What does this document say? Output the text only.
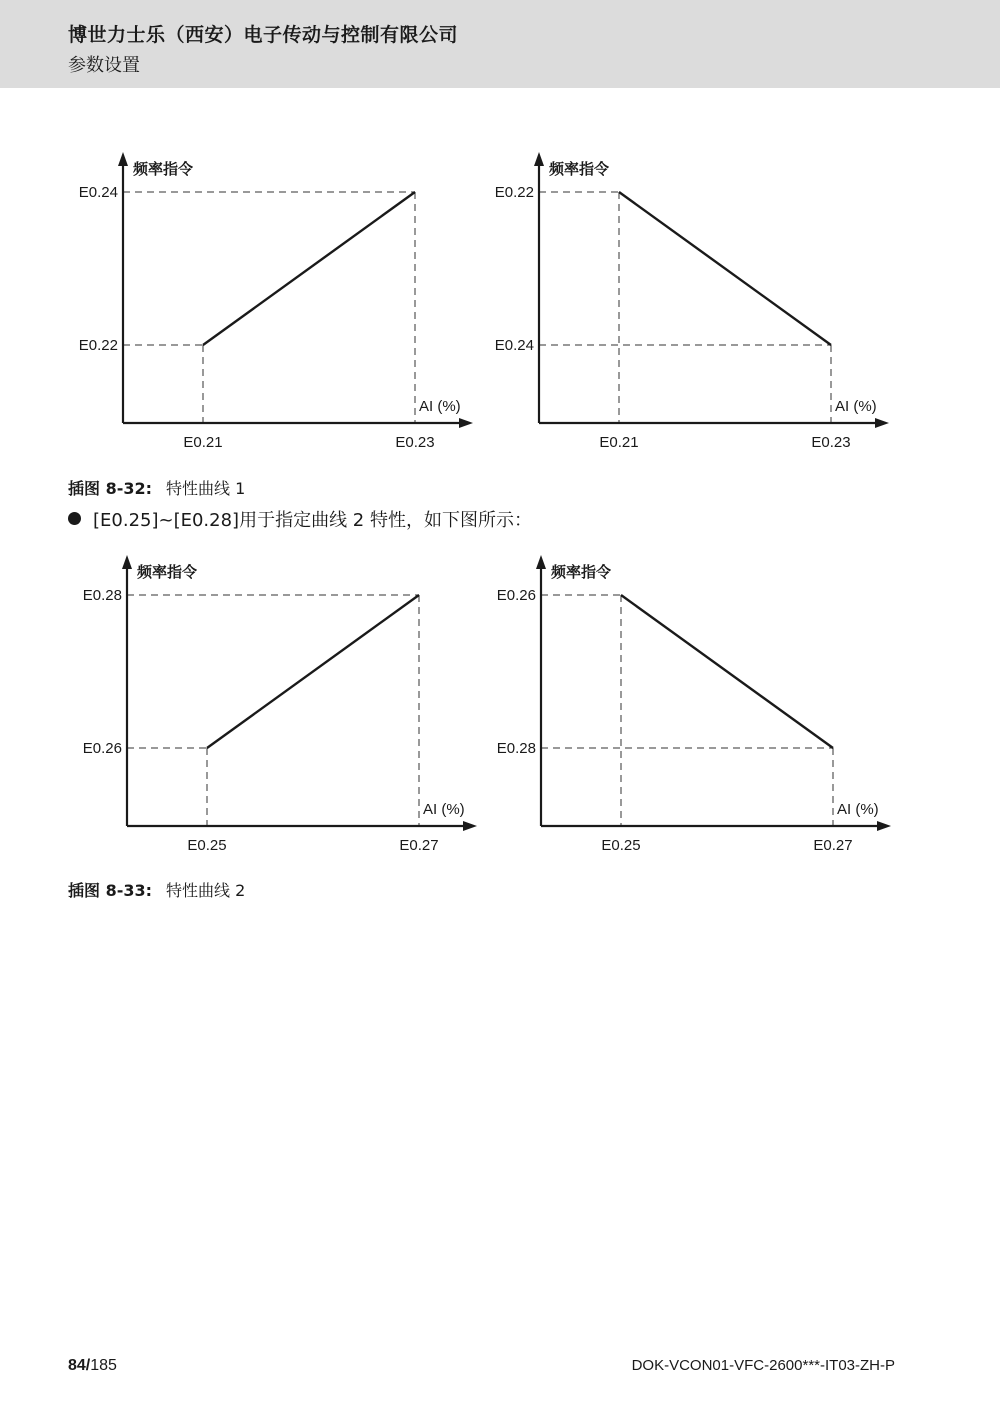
博世力士乐（西安）电子传动与控制有限公司
参数设置
频率指令
E0.24
E0.22
E0.21	E0.23
AI (%)
频率指令
E0.22
E0.24
E0.21	E0.23
AI (%)
插图 8-32: 特性曲线 1
[E0.25]~[E0.28]用于指定曲线 2 特性，如下图所示：
频率指令
E0.28
E0.26
E0.25	E0.27
AI (%)
频率指令
E0.26
E0.28
E0.25	E0.27
AI (%)
插图 8-33: 特性曲线 2
84/185	DOK-VCON01-VFC-2600***-IT03-ZH-P
